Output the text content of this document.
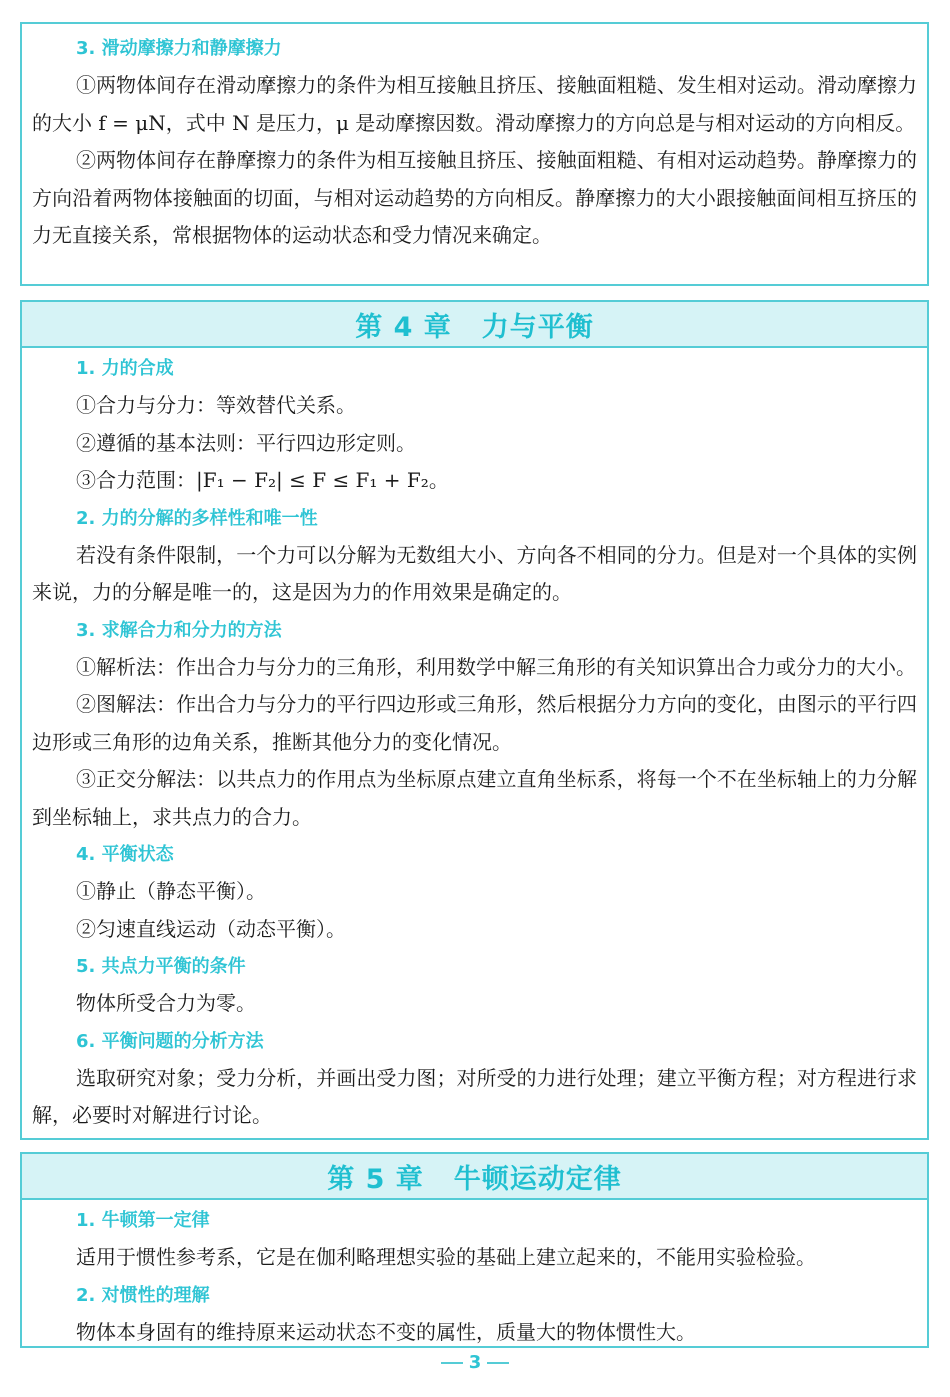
3. 滑动摩擦力和静摩擦力

①两物体间存在滑动摩擦力的条件为相互接触且挤压、接触面粗糙、发生相对运动。滑动摩擦力的大小 f = μN，式中 N 是压力，μ 是动摩擦因数。滑动摩擦力的方向总是与相对运动的方向相反。

②两物体间存在静摩擦力的条件为相互接触且挤压、接触面粗糙、有相对运动趋势。静摩擦力的方向沿着两物体接触面的切面，与相对运动趋势的方向相反。静摩擦力的大小跟接触面间相互挤压的力无直接关系，常根据物体的运动状态和受力情况来确定。

第 4 章 力与平衡
1. 力的合成

①合力与分力：等效替代关系。

②遵循的基本法则：平行四边形定则。

③合力范围：|F₁ − F₂| ≤ F ≤ F₁ + F₂。

2. 力的分解的多样性和唯一性

若没有条件限制，一个力可以分解为无数组大小、方向各不相同的分力。但是对一个具体的实例来说，力的分解是唯一的，这是因为力的作用效果是确定的。

3. 求解合力和分力的方法

①解析法：作出合力与分力的三角形，利用数学中解三角形的有关知识算出合力或分力的大小。

②图解法：作出合力与分力的平行四边形或三角形，然后根据分力方向的变化，由图示的平行四边形或三角形的边角关系，推断其他分力的变化情况。

③正交分解法：以共点力的作用点为坐标原点建立直角坐标系，将每一个不在坐标轴上的力分解到坐标轴上，求共点力的合力。

4. 平衡状态

①静止（静态平衡）。

②匀速直线运动（动态平衡）。

5. 共点力平衡的条件

物体所受合力为零。

6. 平衡问题的分析方法

选取研究对象；受力分析，并画出受力图；对所受的力进行处理；建立平衡方程；对方程进行求解，必要时对解进行讨论。

第 5 章 牛顿运动定律
1. 牛顿第一定律

适用于惯性参考系，它是在伽利略理想实验的基础上建立起来的，不能用实验检验。

2. 对惯性的理解

物体本身固有的维持原来运动状态不变的属性，质量大的物体惯性大。

3
